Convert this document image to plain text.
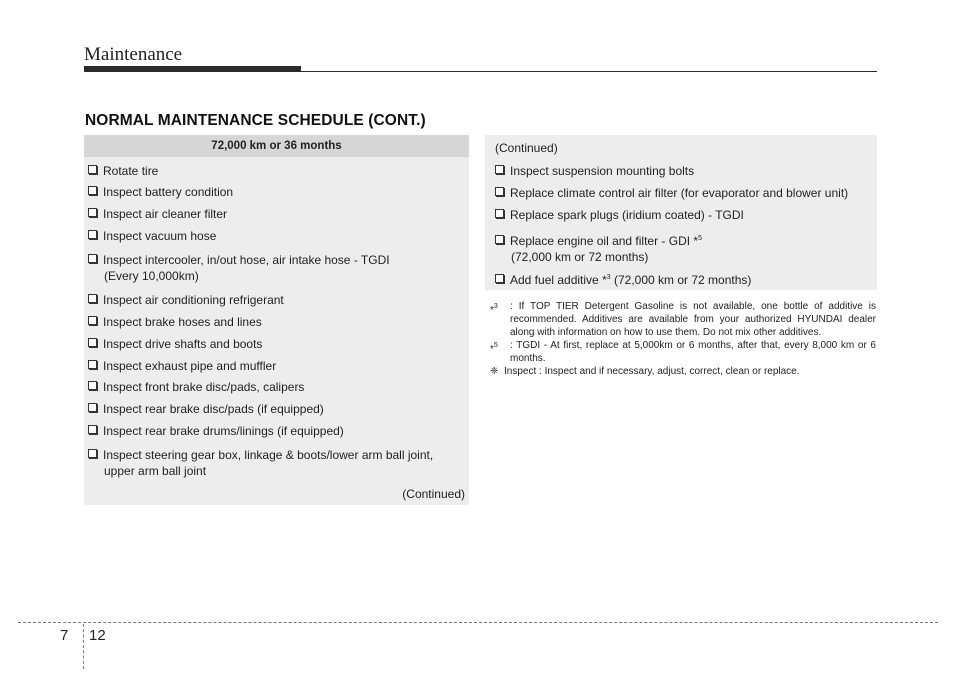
Maintenance
NORMAL MAINTENANCE SCHEDULE (CONT.)
72,000 km or 36 months
Rotate tire
Inspect battery condition
Inspect air cleaner filter
Inspect vacuum hose
Inspect intercooler, in/out hose, air intake hose - TGDI
(Every 10,000km)
Inspect air conditioning refrigerant
Inspect brake hoses and lines
Inspect drive shafts and boots
Inspect exhaust pipe and muffler
Inspect front brake disc/pads, calipers
Inspect rear brake disc/pads (if equipped)
Inspect rear brake drums/linings (if equipped)
Inspect steering gear box, linkage & boots/lower arm ball joint,
upper arm ball joint
(Continued)
(Continued)
Inspect suspension mounting bolts
Replace climate control air filter (for evaporator and blower unit)
Replace spark plugs (iridium coated) - TGDI
Replace engine oil and filter - GDI *$^5$
(72,000 km or 72 months)
Add fuel additive *$^3$ (72,000 km or 72 months)

*$^3$ : If TOP TIER Detergent Gasoline is not available, one bottle of additive is recommended. Additives are available from your authorized HYUNDAI dealer along with information on how to use them. Do not mix other additives.

*$^5$ : TGDI - At first, replace at 5,000km or 6 months, after that, every 8,000 km or 6 months.

❈ Inspect : Inspect and if necessary, adjust, correct, clean or replace.

7 12
